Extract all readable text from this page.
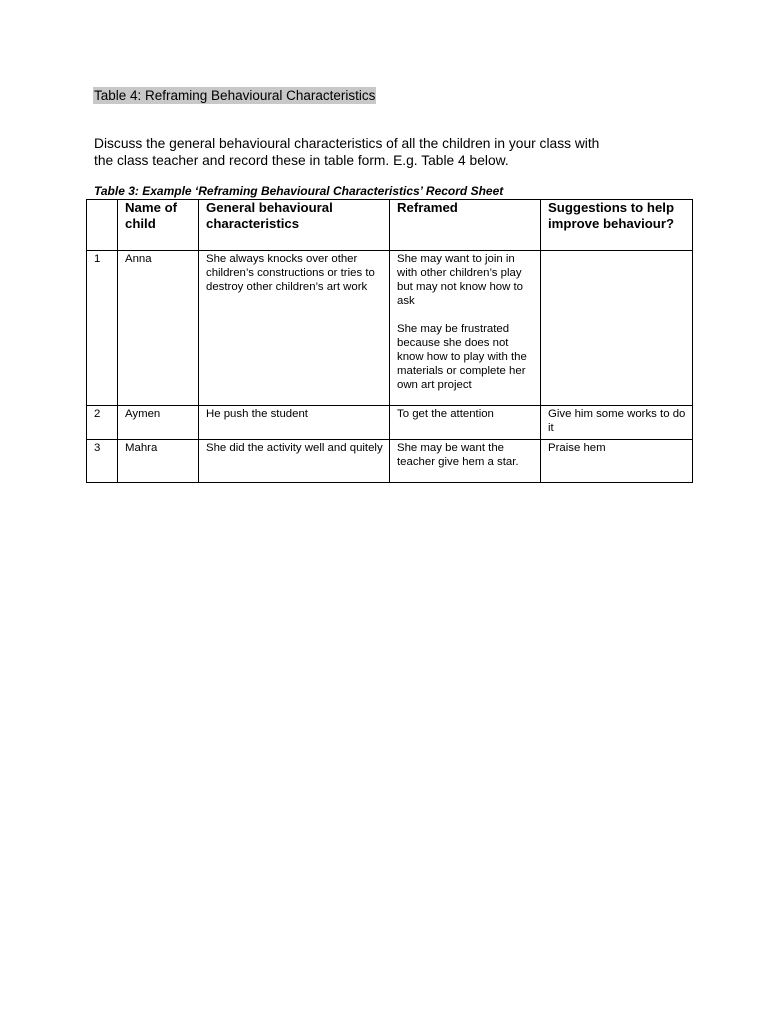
Table 4: Reframing Behavioural Characteristics

Discuss the general behavioural characteristics of all the children in your class with

the class teacher and record these in table form. E.g. Table 4 below.

Table 3: Example ‘Reframing Behavioural Characteristics’ Record Sheet
	Name of child	General behavioural characteristics	Reframed	Suggestions to help improve behaviour?
1	Anna	She always knocks over other children’s constructions or tries to destroy other children’s art work	She may want to join in with other children’s play but may not know how to ask
She may be frustrated because she does not know how to play with the materials or complete her own art project	

2	Aymen	He push the student	To get the attention	Give him some works to do it
3	Mahra	She did the activity well and quitely	She may be want the teacher give hem a star.	Praise hem
